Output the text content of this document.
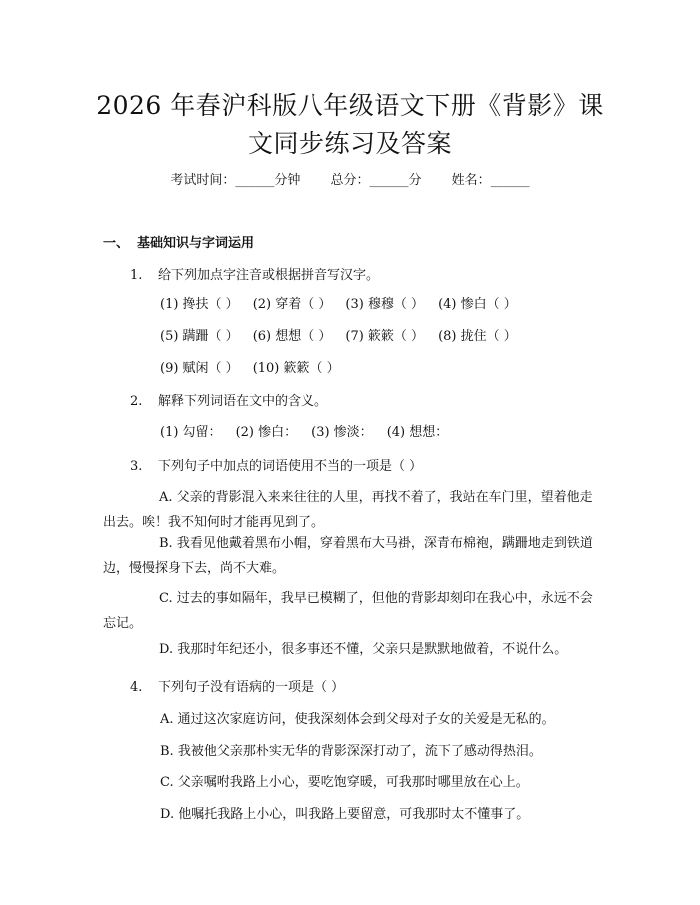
2026 年春沪科版八年级语文下册《背影》课
文同步练习及答案
考试时间：______分钟 总分：______分 姓名：______
一、 基础知识与字词运用
1. 给下列加点字注音或根据拼音写汉字。
(1) 搀扶（ ） (2) 穿着（ ） (3) 穆穆（ ） (4) 惨白（ ）
(5) 蹒跚（ ） (6) 想想（ ） (7) 簌簌（ ） (8) 拢住（ ）
(9) 赋闲（ ） (10) 簌簌（ ）
2. 解释下列词语在文中的含义。
(1) 勾留： (2) 惨白： (3) 惨淡： (4) 想想：
3. 下列句子中加点的词语使用不当的一项是（ ）

A. 父亲的背影混入来来往往的人里，再找不着了，我站在车门里，望着他走出去。唉！我不知何时才能再见到了。

B. 我看见他戴着黑布小帽，穿着黑布大马褂，深青布棉袍，蹒跚地走到铁道边，慢慢探身下去，尚不大难。

C. 过去的事如隔年，我早已模糊了，但他的背影却刻印在我心中，永远不会忘记。

D. 我那时年纪还小，很多事还不懂，父亲只是默默地做着，不说什么。

4. 下列句子没有语病的一项是（ ）
A. 通过这次家庭访问，使我深刻体会到父母对子女的关爱是无私的。
B. 我被他父亲那朴实无华的背影深深打动了，流下了感动得热泪。
C. 父亲嘱咐我路上小心，要吃饱穿暖，可我那时哪里放在心上。
D. 他嘱托我路上小心，叫我路上要留意，可我那时太不懂事了。
